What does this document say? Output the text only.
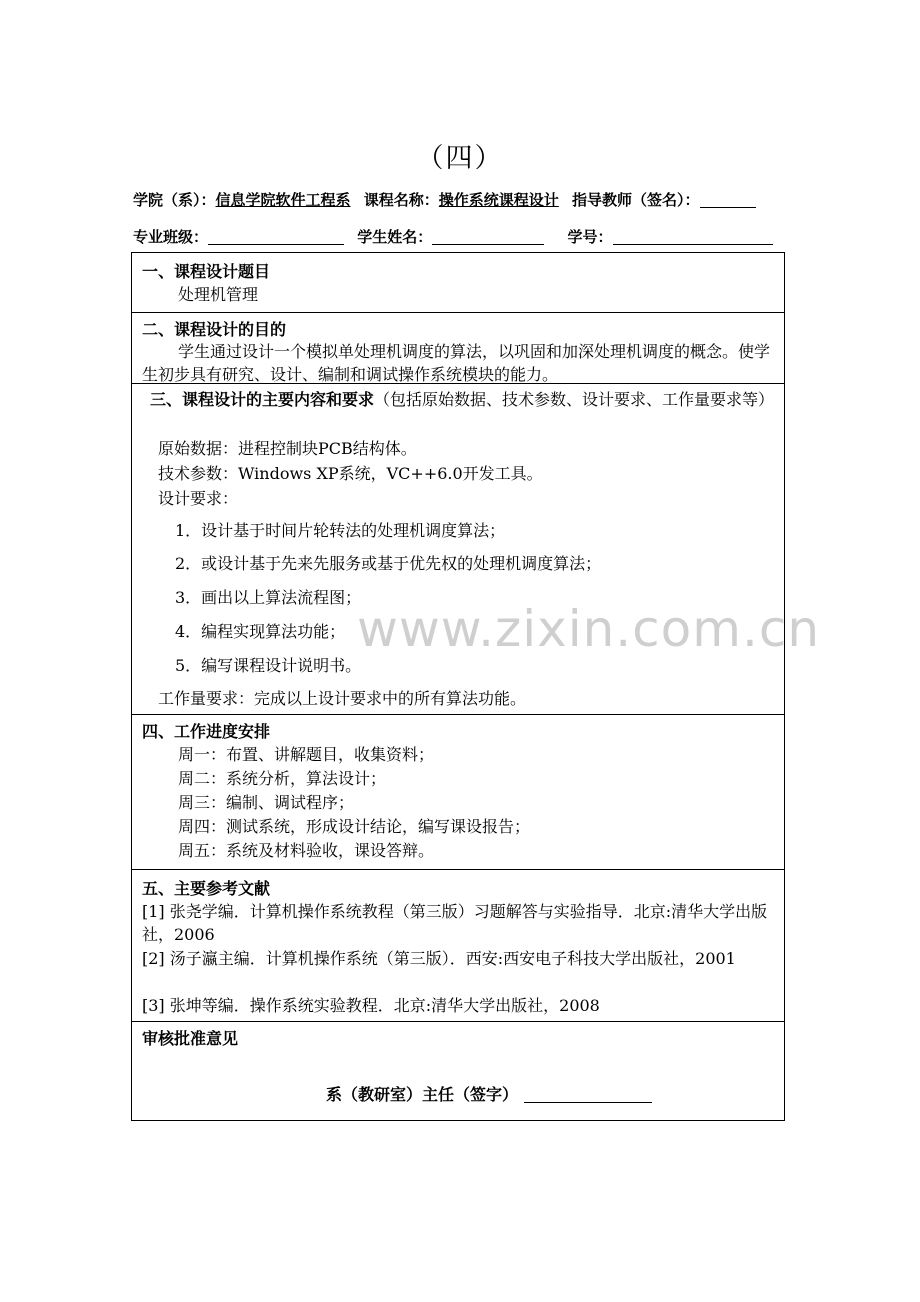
（四）
学院（系）：信息学院软件工程系 课程名称：操作系统课程设计 指导教师（签名）：
专业班级：	学生姓名：	学号：
一、课程设计题目
处理机管理
二、课程设计的目的
学生通过设计一个模拟单处理机调度的算法，以巩固和加深处理机调度的概念。使学生初步具有研究、设计、编制和调试操作系统模块的能力。
三、课程设计的主要内容和要求（包括原始数据、技术参数、设计要求、工作量要求等）
原始数据：进程控制块PCB结构体。
技术参数：Windows XP系统，VC++6.0开发工具。
设计要求：
1．设计基于时间片轮转法的处理机调度算法；
2．或设计基于先来先服务或基于优先权的处理机调度算法；
3．画出以上算法流程图；
4．编程实现算法功能；
5．编写课程设计说明书。
工作量要求：完成以上设计要求中的所有算法功能。
四、工作进度安排
周一：布置、讲解题目，收集资料；
周二：系统分析，算法设计；
周三：编制、调试程序；
周四：测试系统，形成设计结论，编写课设报告；
周五：系统及材料验收，课设答辩。
五、主要参考文献
[1] 张尧学编．计算机操作系统教程（第三版）习题解答与实验指导．北京:清华大学出版社，2006
[2] 汤子瀛主编．计算机操作系统（第三版）．西安:西安电子科技大学出版社，2001
[3] 张坤等编．操作系统实验教程．北京:清华大学出版社，2008
审核批准意见
系（教研室）主任（签字）
www.zixin.com.cn
